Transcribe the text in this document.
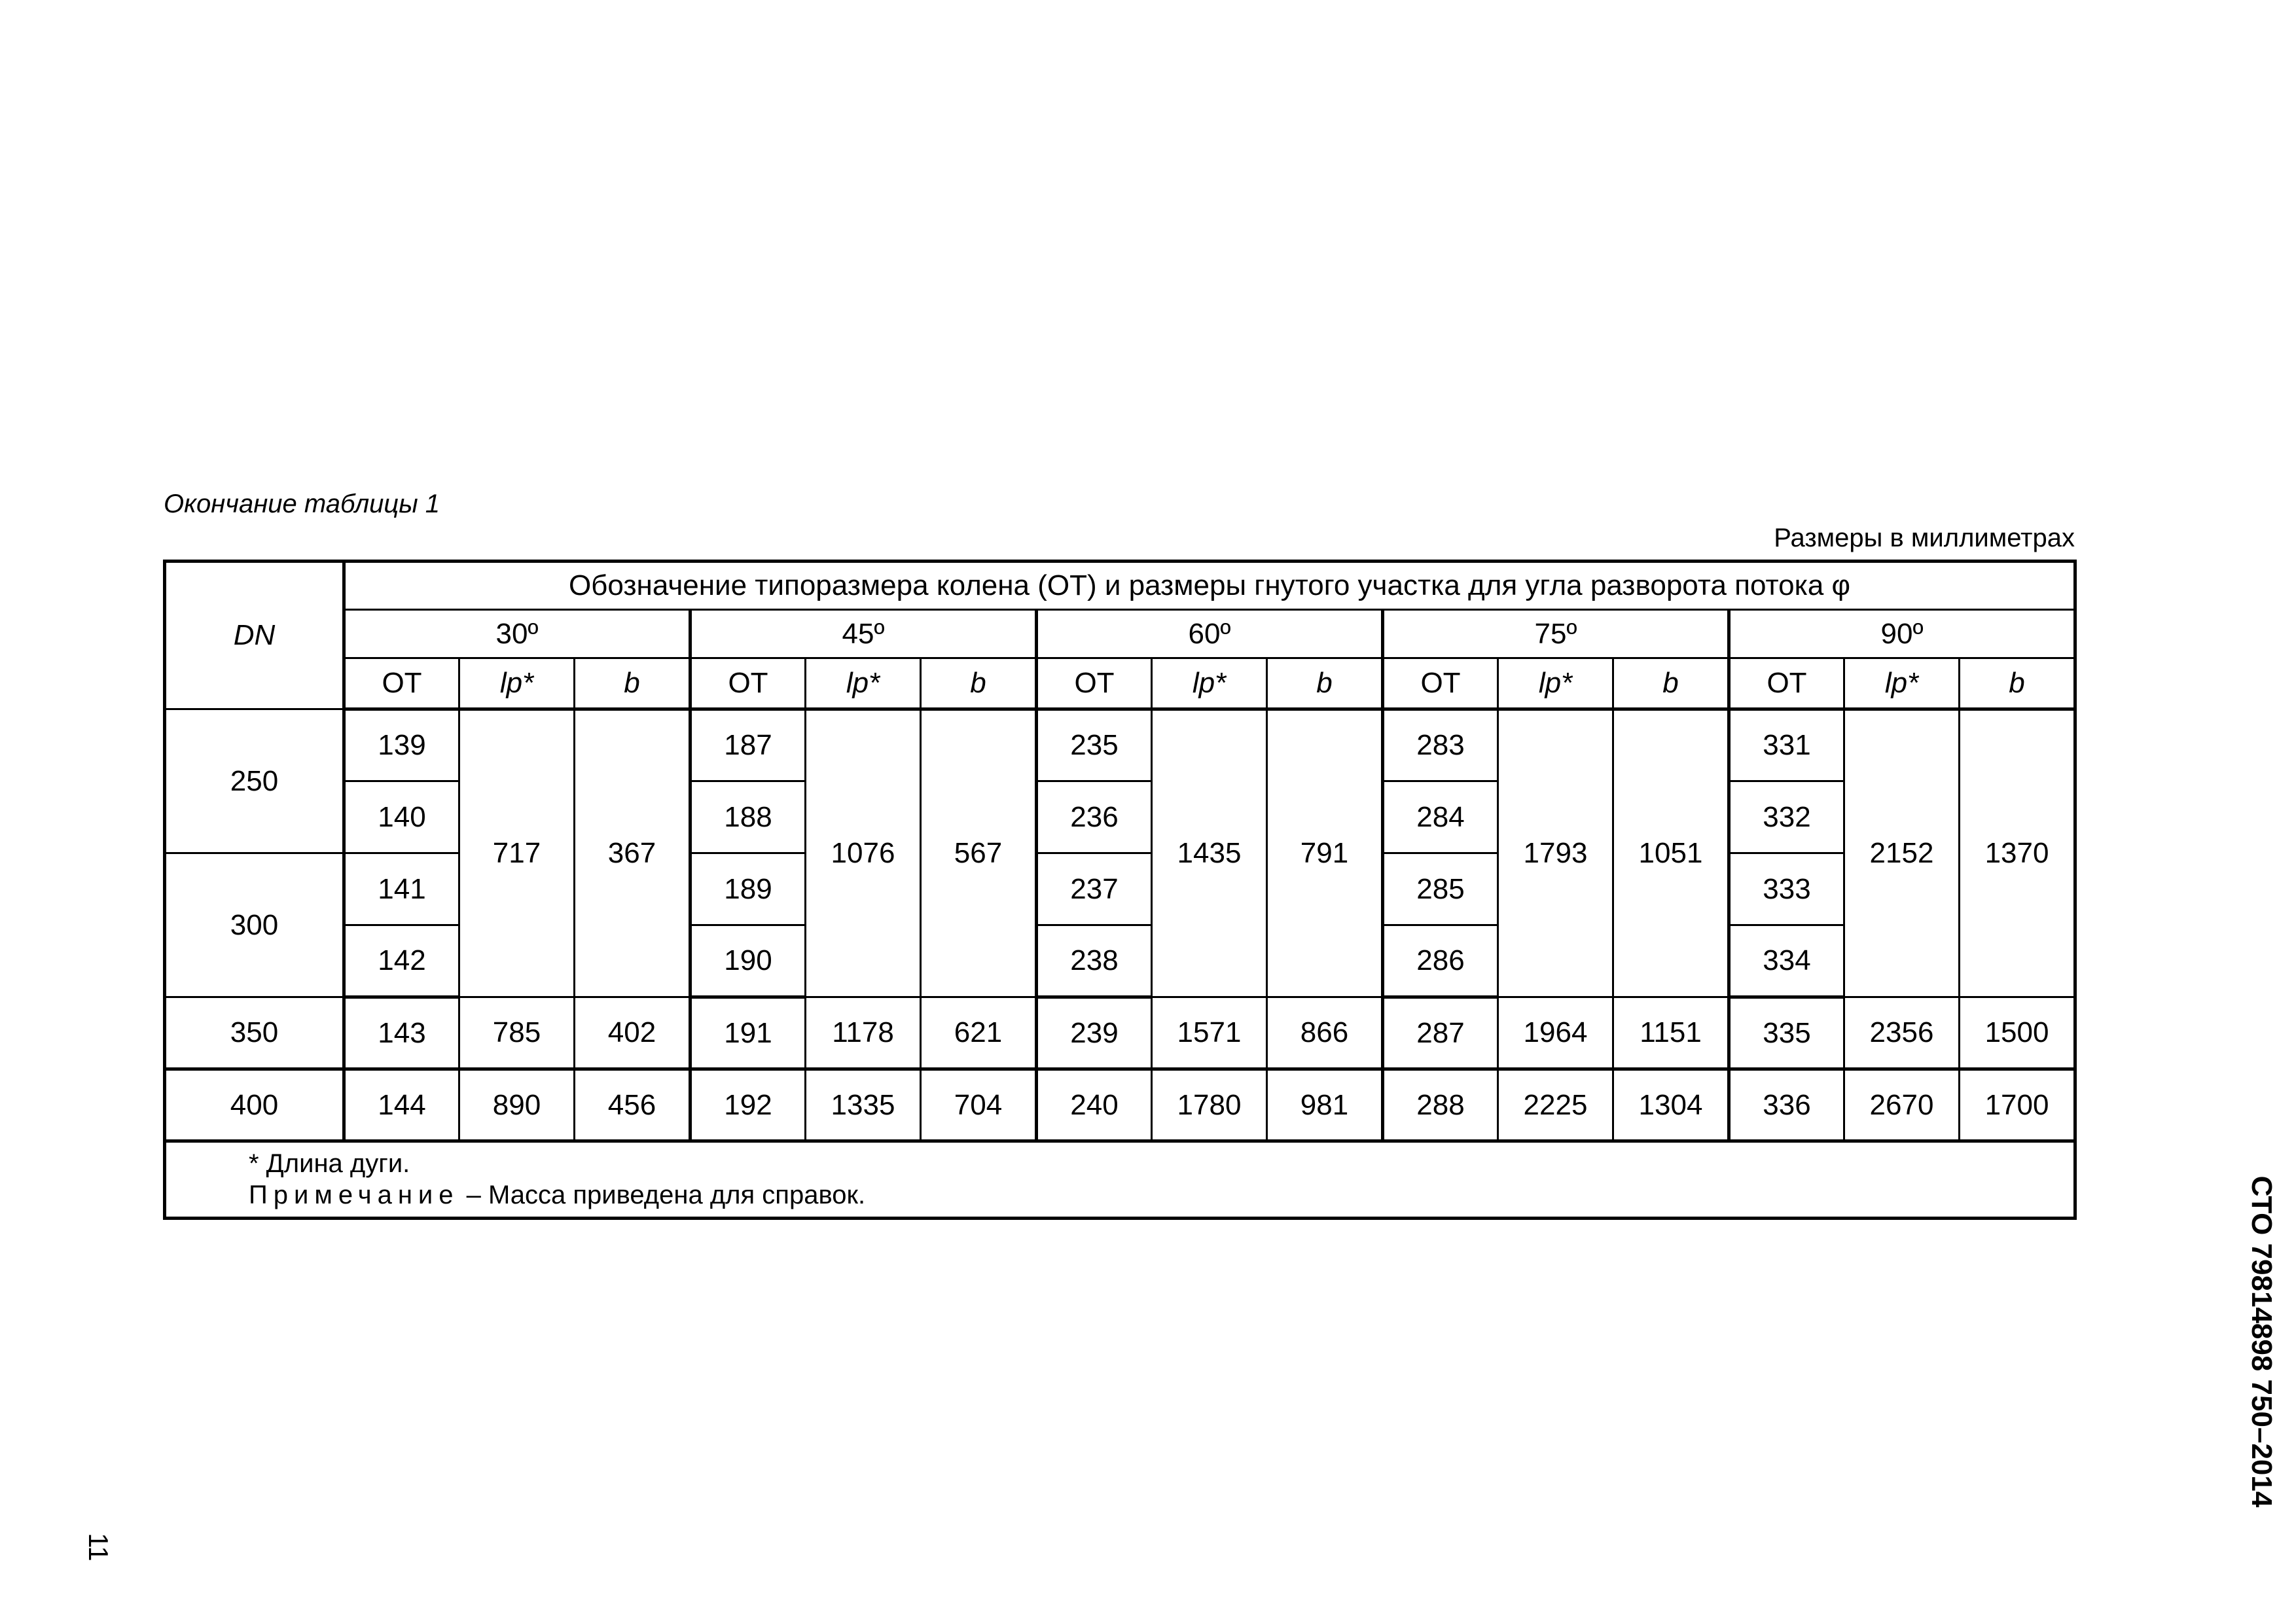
Окончание таблицы 1
Размеры в миллиметрах
DN	Обозначение типоразмера колена (ОТ) и размеры гнутого участка для угла разворота потока φ														
	30º			45º			60º			75º			90º		
	ОТ	lp*	b	ОТ	lp*	b	ОТ	lp*	b	ОТ	lp*	b	ОТ	lp*	b
250	139	717	367	187	1076	567	235	1435	791	283	1793	1051	331	2152	1370
	140			188			236			284			332		
300	141			189			237			285			333		
	142			190			238			286			334		
350	143	785	402	191	1178	621	239	1571	866	287	1964	1151	335	2356	1500
400	144	890	456	192	1335	704	240	1780	981	288	2225	1304	336	2670	1700

* Длина дуги.
Примечание – Масса приведена для справок.															
11
СТО 79814898 750–2014
